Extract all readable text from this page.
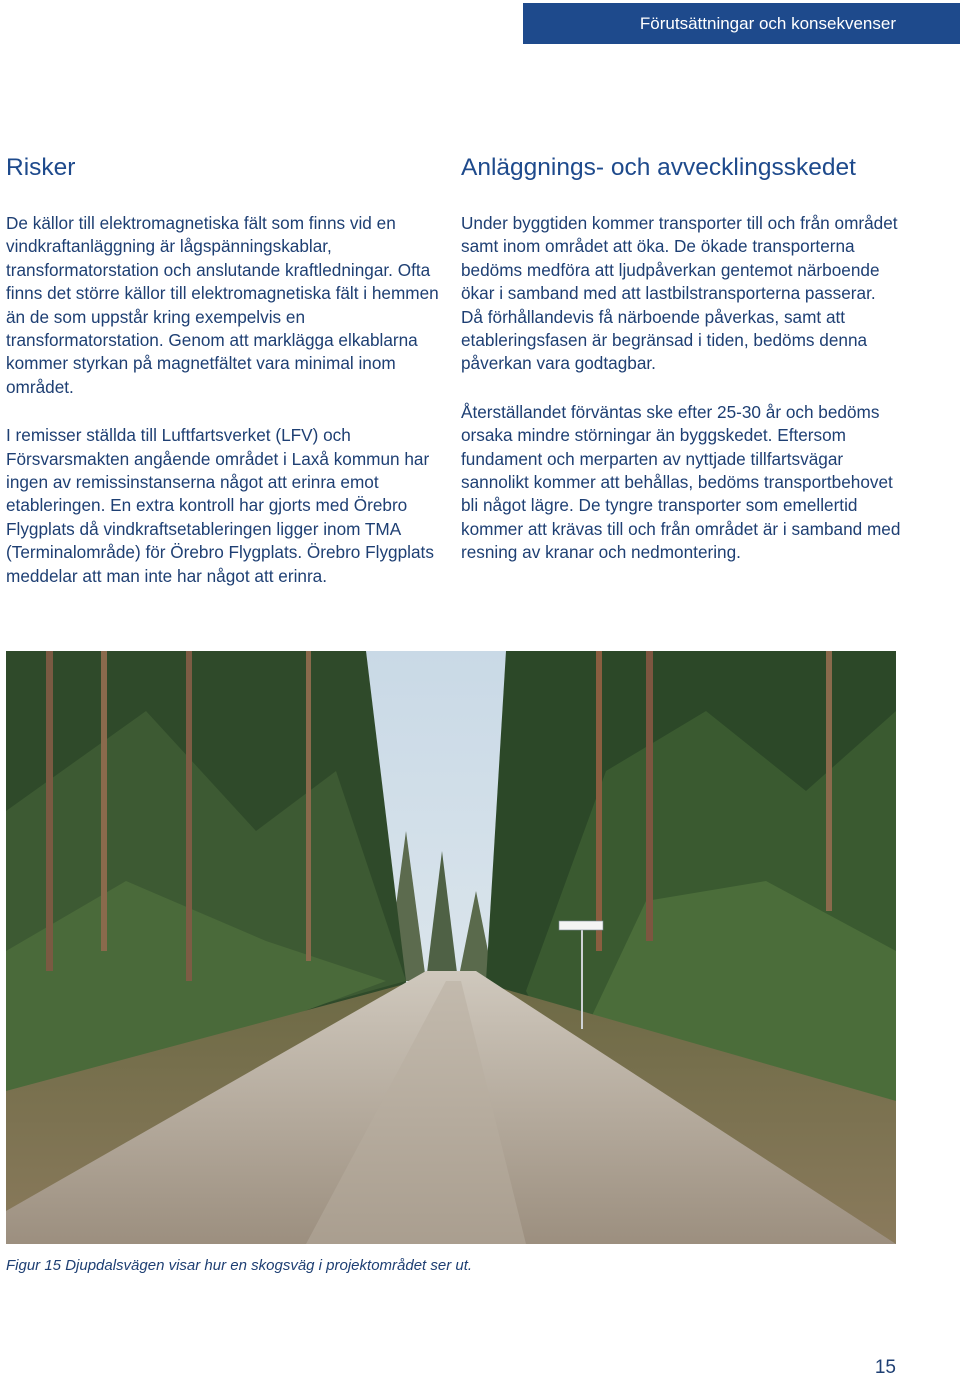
Förutsättningar och konsekvenser
Risker

De källor till elektromagnetiska fält som finns vid en vindkraftanläggning är lågspänningskablar, transformatorstation och anslutande kraftledningar. Ofta finns det större källor till elektromagnetiska fält i hemmen än de som uppstår kring exempelvis en transformatorstation. Genom att marklägga elkablarna kommer styrkan på magnetfältet vara minimal inom området.

I remisser ställda till Luftfartsverket (LFV) och Försvarsmakten angående området i Laxå kommun har ingen av remissinstanserna något att erinra emot etableringen. En extra kontroll har gjorts med Örebro Flygplats då vindkraftsetableringen ligger inom TMA (Terminalområde) för Örebro Flygplats. Örebro Flygplats meddelar att man inte har något att erinra.

Anläggnings- och avvecklingsskedet

Under byggtiden kommer transporter till och från området samt inom området att öka. De ökade transporterna bedöms medföra att ljudpåverkan gentemot närboende ökar i samband med att lastbilstransporterna passerar. Då förhållandevis få närboende påverkas, samt att etableringsfasen är begränsad i tiden, bedöms denna påverkan vara godtagbar.

Återställandet förväntas ske efter 25-30 år och bedöms orsaka mindre störningar än byggskedet. Eftersom fundament och merparten av nyttjade tillfartsvägar sannolikt kommer att behållas, bedöms transportbehovet bli något lägre. De tyngre transporter som emellertid kommer att krävas till och från området är i samband med resning av kranar och nedmontering.

Figur 15 Djupdalsvägen visar hur en skogsväg i projektområdet ser ut.
15
